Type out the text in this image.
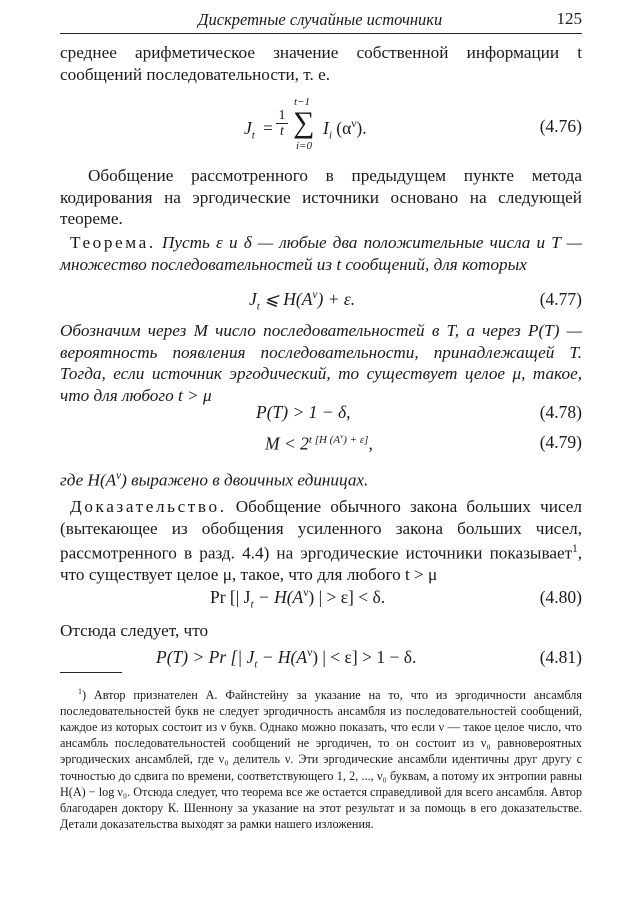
Дискретные случайные источники	125

среднее арифметическое значение собственной информации t сообщений последовательности, т. е.

$J_t = \frac{1}{t}$
t−1
∑
i=0
$I_i$ $(\alpha^\nu)$.	(4.76)

Обобщение рассмотренного в предыдущем пункте метода кодирования на эргодические источники основано на следующей теореме.

Теорема. Пусть ε и δ — любые два положительные числа и T — множество последовательностей из t сообщений, для которых

$J_t$ ⩽ $H(A^\nu) + \varepsilon$.	(4.77)

Обозначим через M число последовательностей в T, а через P(T) — вероятность появления последовательности, принадлежащей T. Тогда, если источник эргодический, то существует целое μ, такое, что для любого t > μ

P(T) > 1 − δ,	(4.78)
$M < 2^{t [H (A^\nu) + \varepsilon]}$,	(4.79)

где $H(A^\nu)$ выражено в двоичных единицах.

Доказательство. Обобщение обычного закона больших чисел (вытекающее из обобщения усиленного закона больших чисел, рассмотренного в разд. 4.4) на эргодические источники показывает$^1$, что существует целое μ, такое, что для любого t > μ

Pr [| $J_t - H(A^\nu)$ | > ε] < δ.	(4.80)

Отсюда следует, что

P(T) > Pr [| $J_t - H(A^\nu)$ | < ε] > 1 − δ.	(4.81)

$^1$) Автор признателен А. Файнстейну за указание на то, что из эргодичности ансамбля последовательностей букв не следует эргодичность ансамбля из последовательностей сообщений, каждое из которых состоит из ν букв. Однако можно показать, что если ν — такое целое число, что ансамбль последовательностей сообщений не эргодичен, то он состоит из ν₀ равновероятных эргодических ансамблей, где ν₀ делитель ν. Эти эргодические ансамбли идентичны друг другу с точностью до сдвига по времени, соответствующего 1, 2, ..., ν₀ буквам, а потому их энтропии равны H(A) − log ν₀. Отсюда следует, что теорема все же остается справедливой для всего ансамбля. Автор благодарен доктору К. Шеннону за указание на этот результат и за помощь в его доказательстве. Детали доказательства выходят за рамки нашего изложения.
